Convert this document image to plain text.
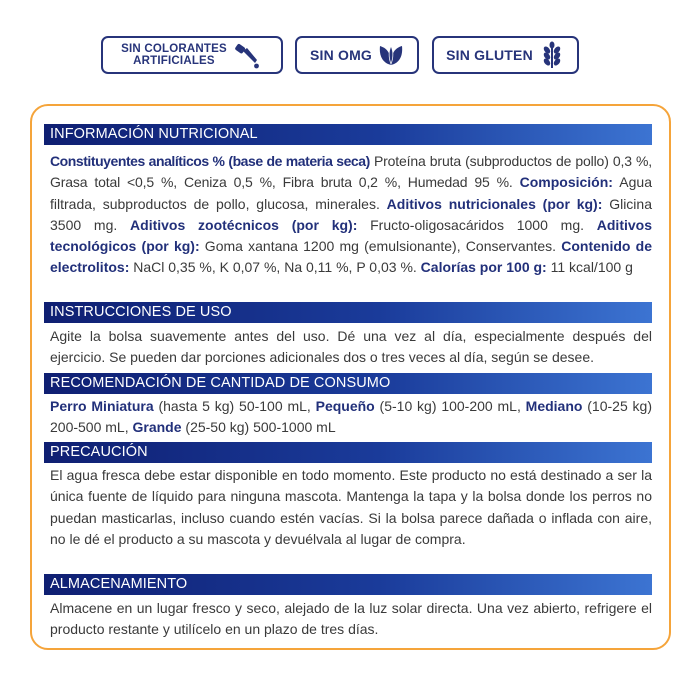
SIN COLORANTES
ARTIFICIALES	SIN OMG	SIN GLUTEN
INFORMACIÓN NUTRICIONAL
Constituyentes analíticos % (base de materia seca) Proteína bruta (subproductos de pollo) 0,3 %, Grasa total <0,5 %, Ceniza 0,5 %, Fibra bruta 0,2 %, Humedad 95 %. Composición: Agua filtrada, subproductos de pollo, glucosa, minerales. Aditivos nutricionales (por kg): Glicina 3500 mg. Aditivos zootécnicos (por kg): Fructo-oligosacáridos 1000 mg. Aditivos tecnológicos (por kg): Goma xantana 1200 mg (emulsionante), Conservantes. Contenido de electrolitos: NaCl 0,35 %, K 0,07 %, Na 0,11 %, P 0,03 %. Calorías por 100 g: 11 kcal/100 g
INSTRUCCIONES DE USO
Agite la bolsa suavemente antes del uso. Dé una vez al día, especialmente después del ejercicio. Se pueden dar porciones adicionales dos o tres veces al día, según se desee.
RECOMENDACIÓN DE CANTIDAD DE CONSUMO
Perro Miniatura (hasta 5 kg) 50-100 mL, Pequeño (5-10 kg) 100-200 mL, Mediano (10-25 kg) 200-500 mL, Grande (25-50 kg) 500-1000 mL
PRECAUCIÓN
El agua fresca debe estar disponible en todo momento. Este producto no está destinado a ser la única fuente de líquido para ninguna mascota. Mantenga la tapa y la bolsa donde los perros no puedan masticarlas, incluso cuando estén vacías. Si la bolsa parece dañada o inflada con aire, no le dé el producto a su mascota y devuélvala al lugar de compra.
ALMACENAMIENTO
Almacene en un lugar fresco y seco, alejado de la luz solar directa. Una vez abierto, refrigere el producto restante y utilícelo en un plazo de tres días.
